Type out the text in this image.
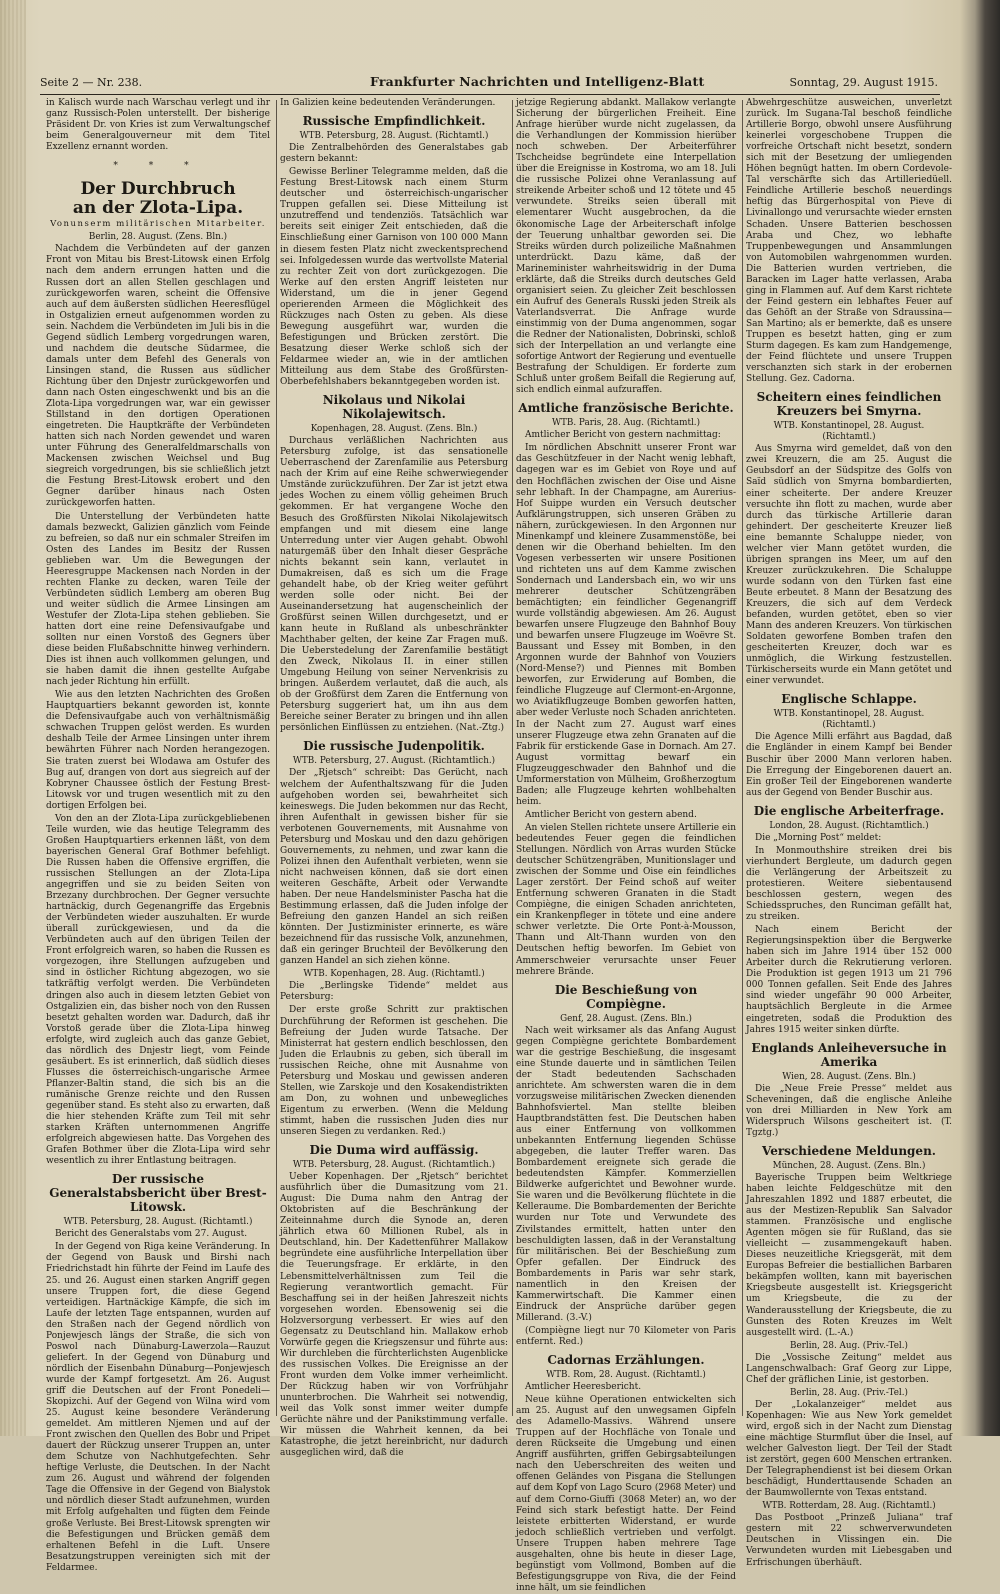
Seite 2 — Nr. 238.	Frankfurter Nachrichten und Intelligenz-Blatt	Sonntag, 29. August 1915.

in Kalisch wurde nach Warschau verlegt und ihr ganz Russisch-Polen unterstellt. Der bisherige Präsident Dr. von Kries ist zum Verwaltungschef beim Generalgouverneur mit dem Titel Exzellenz ernannt worden.

* * *
Der Durchbruch
an der Zlota-Lipa.
Vonunserm militärischen Mitarbeiter.
Berlin, 28. August. (Zens. Bln.)

Nachdem die Verbündeten auf der ganzen Front von Mitau bis Brest-Litowsk einen Erfolg nach dem andern errungen hatten und die Russen dort an allen Stellen geschlagen und zurückgeworfen waren, scheint die Offensive auch auf dem äußersten südlichen Heeresflügel in Ostgalizien erneut aufgenommen worden zu sein. Nachdem die Verbündeten im Juli bis in die Gegend südlich Lemberg vorgedrungen waren, und nachdem die deutsche Südarmee, die damals unter dem Befehl des Generals von Linsingen stand, die Russen aus südlicher Richtung über den Dnjestr zurückgeworfen und dann nach Osten eingeschwenkt und bis an die Zlota-Lipa vorgedrungen war, war ein gewisser Stillstand in den dortigen Operationen eingetreten. Die Hauptkräfte der Verbündeten hatten sich nach Norden gewendet und waren unter Führung des Generalfeldmarschalls von Mackensen zwischen Weichsel und Bug siegreich vorgedrungen, bis sie schließlich jetzt die Festung Brest-Litowsk erobert und den Gegner darüber hinaus nach Osten zurückgeworfen hatten.

Die Unterstellung der Verbündeten hatte damals bezweckt, Galizien gänzlich vom Feinde zu befreien, so daß nur ein schmaler Streifen im Osten des Landes im Besitz der Russen geblieben war. Um die Bewegungen der Heeresgruppe Mackensen nach Norden in der rechten Flanke zu decken, waren Teile der Verbündeten südlich Lemberg am oberen Bug und weiter südlich die Armee Linsingen am Westufer der Zlota-Lipa stehen geblieben. Sie hatten dort eine reine Defensivaufgabe und sollten nur einen Vorstoß des Gegners über diese beiden Flußabschnitte hinweg verhindern. Dies ist ihnen auch vollkommen gelungen, und sie haben damit die ihnen gestellte Aufgabe nach jeder Richtung hin erfüllt.

Wie aus den letzten Nachrichten des Großen Hauptquartiers bekannt geworden ist, konnte die Defensivaufgabe auch von verhältnismäßig schwachen Truppen gelöst werden. Es wurden deshalb Teile der Armee Linsingen unter ihrem bewährten Führer nach Norden herangezogen. Sie traten zuerst bei Wlodawa am Ostufer des Bug auf, drangen von dort aus siegreich auf der Kobryner Chaussee östlich der Festung Brest-Litowsk vor und trugen wesentlich mit zu den dortigen Erfolgen bei.

Von den an der Zlota-Lipa zurückgebliebenen Teile wurden, wie das heutige Telegramm des Großen Hauptquartiers erkennen läßt, von dem bayerischen General Graf Bothmer befehligt. Die Russen haben die Offensive ergriffen, die russischen Stellungen an der Zlota-Lipa angegriffen und sie zu beiden Seiten von Brzezany durchbrochen. Der Gegner versuchte hartnäckig, durch Gegenangriffe das Ergebnis der Verbündeten wieder auszuhalten. Er wurde überall zurückgewiesen, und da die Verbündeten auch auf den übrigen Teilen der Front erfolgreich waren, so haben die Russen es vorgezogen, ihre Stellungen aufzugeben und sind in östlicher Richtung abgezogen, wo sie tatkräftig verfolgt werden. Die Verbündeten dringen also auch in diesem letzten Gebiet von Ostgalizien ein, das bisher noch von den Russen besetzt gehalten worden war. Dadurch, daß ihr Vorstoß gerade über die Zlota-Lipa hinweg erfolgte, wird zugleich auch das ganze Gebiet, das nördlich des Dnjestr liegt, vom Feinde gesäubert. Es ist erinnerlich, daß südlich dieses Flusses die österreichisch-ungarische Armee Pflanzer-Baltin stand, die sich bis an die rumänische Grenze reichte und den Russen gegenüber stand. Es steht also zu erwarten, daß die hier stehenden Kräfte zum Teil mit sehr starken Kräften unternommenen Angriffe erfolgreich abgewiesen hatte. Das Vorgehen des Grafen Bothmer über die Zlota-Lipa wird sehr wesentlich zu ihrer Entlastung beitragen.

Der russische Generalstabsbericht über Brest-Litowsk.
WTB. Petersburg, 28. August. (Richtamtl.)

Bericht des Generalstabs vom 27. August.

In der Gegend von Riga keine Veränderung. In der Gegend von Bausk und Birshi nach Friedrichstadt hin führte der Feind im Laufe des 25. und 26. August einen starken Angriff gegen unsere Truppen fort, die diese Gegend verteidigen. Hartnäckige Kämpfe, die sich im Laufe der letzten Tage entspannen, wurden auf den Straßen nach der Gegend nördlich von Ponjewjesch längs der Straße, die sich von Poswol nach Dünaburg-Lawerzola—Rauzut geliefert. In der Gegend von Dünaburg und nördlich der Eisenbahn Dünaburg—Ponjewjesch wurde der Kampf fortgesetzt. Am 26. August griff die Deutschen auf der Front Ponedeli—Skopizchi. Auf der Gegend von Wilna wird vom 25. August keine besondere Veränderung gemeldet. Am mittleren Njemen und auf der Front zwischen den Quellen des Bobr und Pripet dauert der Rückzug unserer Truppen an, unter dem Schutze von Nachhutgefechten. Sehr heftige Verluste, die Deutschen. In der Nacht zum 26. August und während der folgenden Tage die Offensive in der Gegend von Bialystok und nördlich dieser Stadt aufzunehmen, wurden mit Erfolg aufgehalten und fügten dem Feinde große Verluste. Bei Brest-Litowsk sprengten wir die Befestigungen und Brücken gemäß dem erhaltenen Befehl in die Luft. Unsere Besatzungstruppen vereinigten sich mit der Feldarmee.

In Galizien keine bedeutenden Veränderungen.

Russische Empfindlichkeit.
WTB. Petersburg, 28. August. (Richtamtl.)

Die Zentralbehörden des Generalstabes gab gestern bekannt:

Gewisse Berliner Telegramme melden, daß die Festung Brest-Litowsk nach einem Sturm deutscher und österreichisch-ungarischer Truppen gefallen sei. Diese Mitteilung ist unzutreffend und tendenziös. Tatsächlich war bereits seit einiger Zeit entschieden, daß die Einschließung einer Garnison von 100 000 Mann in diesem festen Platz nicht zweckentsprechend sei. Infolgedessen wurde das wertvollste Material zu rechter Zeit von dort zurückgezogen. Die Werke auf den ersten Angriff leisteten nur Widerstand, um die in jener Gegend operierenden Armeen die Möglichkeit des Rückzuges nach Osten zu geben. Als diese Bewegung ausgeführt war, wurden die Befestigungen und Brücken zerstört. Die Besatzung dieser Werke schloß sich der Feldarmee wieder an, wie in der amtlichen Mitteilung aus dem Stabe des Großfürsten-Oberbefehlshabers bekanntgegeben worden ist.

Nikolaus und Nikolai Nikolajewitsch.
Kopenhagen, 28. August. (Zens. Bln.)

Durchaus verläßlichen Nachrichten aus Petersburg zufolge, ist das sensationelle Ueberraschend der Zarenfamilie aus Petersburg nach der Krim auf eine Reihe schwerwiegender Umstände zurückzuführen. Der Zar ist jetzt etwa jedes Wochen zu einem völlig geheimen Bruch gekommen. Er hat vergangene Woche den Besuch des Großfürsten Nikolai Nikolajewitsch empfangen und mit diesem eine lange Unterredung unter vier Augen gehabt. Obwohl naturgemäß über den Inhalt dieser Gespräche nichts bekannt sein kann, verlautet in Dumakreisen, daß es sich um die Frage gehandelt habe, ob der Krieg weiter geführt werden solle oder nicht. Bei der Auseinandersetzung hat augenscheinlich der Großfürst seinen Willen durchgesetzt, und er kann heute in Rußland als unbeschränkter Machthaber gelten, der keine Zar Fragen muß. Die Ueberstedelung der Zarenfamilie bestätigt den Zweck, Nikolaus II. in einer stillen Umgebung Heilung von seiner Nervenkrisis zu bringen. Außerdem verlautet, daß die auch, als ob der Großfürst dem Zaren die Entfernung von Petersburg suggeriert hat, um ihn aus dem Bereiche seiner Berater zu bringen und ihn allen persönlichen Einflüssen zu entziehen. (Nat.-Ztg.)

Die russische Judenpolitik.
WTB. Petersburg, 27. August. (Richtamtlich.)

Der „Rjetsch“ schreibt: Das Gerücht, nach welchem der Aufenthaltszwang für die Juden aufgehoben worden sei, bewahrheitet sich keineswegs. Die Juden bekommen nur das Recht, ihren Aufenthalt in gewissen bisher für sie verbotenen Gouvernements, mit Ausnahme von Petersburg und Moskau und den dazu gehörigen Gouvernements, zu nehmen, und zwar kann die Polizei ihnen den Aufenthalt verbieten, wenn sie nicht nachweisen können, daß sie dort einen weiteren Geschäfte, Arbeit oder Verwandte haben. Der neue Handelsminister Pascha hat die Bestimmung erlassen, daß die Juden infolge der Befreiung den ganzen Handel an sich reißen könnten. Der Justizminister erinnerte, es wäre bezeichnend für das russische Volk, anzunehmen, daß ein geringer Bruchteil der Bevölkerung den ganzen Handel an sich ziehen könne.

WTB. Kopenhagen, 28. Aug. (Richtamtl.)

Die „Berlingske Tidende“ meldet aus Petersburg:

Der erste große Schritt zur praktischen Durchführung der Reformen ist geschehen. Die Befreiung der Juden wurde Tatsache. Der Ministerrat hat gestern endlich beschlossen, den Juden die Erlaubnis zu geben, sich überall im russischen Reiche, ohne mit Ausnahme von Petersburg und Moskau und gewissen anderen Stellen, wie Zarskoje und den Kosakendistrikten am Don, zu wohnen und unbewegliches Eigentum zu erwerben. (Wenn die Meldung stimmt, haben die russischen Juden dies nur unseren Siegen zu verdanken. Red.)

Die Duma wird auffässig.
WTB. Petersburg, 28. August. (Richtamtlich.)

Ueber Kopenhagen. Der „Rjetsch“ berichtet ausführlich über die Dumasitzung vom 21. August: Die Duma nahm den Antrag der Oktobristen auf die Beschränkung der Zeiteinnahme durch die Synode an, deren jährlich etwa 60 Millionen Rubel, als in Deutschland, hin. Der Kadettenführer Mallakow begründete eine ausführliche Interpellation über die Teuerungsfrage. Er erklärte, in den Lebensmittelverhältnissen zum Teil die Regierung verantwortlich gemacht. Für Beschaffung sei in der heißen Jahreszeit nichts vorgesehen worden. Ebensowenig sei die Holzversorgung verbessert. Er wies auf den Gegensatz zu Deutschland hin. Mallakow erhob Vorwürfe gegen die Kriegszensur und führte aus: Wir durchleben die fürchterlichsten Augenblicke des russischen Volkes. Die Ereignisse an der Front wurden dem Volke immer verheimlicht. Der Rückzug haben wir von Vorfrühjahr ununterbrochen. Die Wahrheit sei notwendig, weil das Volk sonst immer weiter dumpfe Gerüchte nähre und der Panikstimmung verfalle. Wir müssen die Wahrheit kennen, da bei Katastrophe, die jetzt hereinbricht, nur dadurch ausgeglichen wird, daß die

jetzige Regierung abdankt. Mallakow verlangte Sicherung der bürgerlichen Freiheit. Eine Anfrage hierüber wurde nicht zugelassen, da die Verhandlungen der Kommission hierüber noch schweben. Der Arbeiterführer Tschcheidse begründete eine Interpellation über die Ereignisse in Kostroma, wo am 18. Juli die russische Polizei ohne Veranlassung auf streikende Arbeiter schoß und 12 tötete und 45 verwundete. Streiks seien überall mit elementarer Wucht ausgebrochen, da die ökonomische Lage der Arbeiterschaft infolge der Teuerung unhaltbar geworden sei. Die Streiks würden durch polizeiliche Maßnahmen unterdrückt. Dazu käme, daß der Marineminister wahrheitswidrig in der Duma erklärte, daß die Streiks durch deutsches Geld organisiert seien. Zu gleicher Zeit beschlossen ein Aufruf des Generals Russki jeden Streik als Vaterlandsverrat. Die Anfrage wurde einstimmig von der Duma angenommen, sogar die Redner der Nationalisten, Dobrinski, schloß sich der Interpellation an und verlangte eine sofortige Antwort der Regierung und eventuelle Bestrafung der Schuldigen. Er forderte zum Schluß unter großem Beifall die Regierung auf, sich endlich einmal aufzuraffen.

Amtliche französische Berichte.
WTB. Paris, 28. Aug. (Richtamtl.)

Amtlicher Bericht von gestern nachmittag:

Im nördlichen Abschnitt unserer Front war das Geschützfeuer in der Nacht wenig lebhaft, dagegen war es im Gebiet von Roye und auf den Hochflächen zwischen der Oise und Aisne sehr lebhaft. In der Champagne, am Aurerius-Hof Suippe wurden ein Versuch deutscher Aufklärungstruppen, sich unseren Gräben zu nähern, zurückgewiesen. In den Argonnen nur Minenkampf und kleinere Zusammenstöße, bei denen wir die Oberhand behielten. Im den Vogesen verbesserten wir unsere Positionen und richteten uns auf dem Kamme zwischen Sondernach und Landersbach ein, wo wir uns mehrerer deutscher Schützengräben bemächtigten; ein feindlicher Gegenangriff wurde vollständig abgewiesen. Am 26. August bewarfen unsere Flugzeuge den Bahnhof Bouy und bewarfen unsere Flugzeuge im Woëvre St. Baussant und Essey mit Bomben, in den Argonnen wurde der Bahnhof von Vouziers (Nord-Mense?) und Piennes mit Bomben beworfen, zur Erwiderung auf Bomben, die feindliche Flugzeuge auf Clermont-en-Argonne, wo Aviatikflugzeuge Bomben geworfen hatten, aber weder Verluste noch Schaden anrichteten. In der Nacht zum 27. August warf eines unserer Flugzeuge etwa zehn Granaten auf die Fabrik für erstickende Gase in Dornach. Am 27. August vormittag bewarf ein Flugzeuggeschwader den Bahnhof und die Umformerstation von Mülheim, Großherzogtum Baden; alle Flugzeuge kehrten wohlbehalten heim.

Amtlicher Bericht von gestern abend.

An vielen Stellen richtete unsere Artillerie ein bedeutendes Feuer gegen die feindlichen Stellungen. Nördlich von Arras wurden Stücke deutscher Schützengräben, Munitionslager und zwischen der Somme und Oise ein feindliches Lager zerstört. Der Feind schoß auf weiter Entfernung schweren Granaten in die Stadt Compiègne, die einigen Schaden anrichteten, ein Krankenpfleger in tötete und eine andere schwer verletzte. Die Orte Pont-à-Mousson, Thann und Alt-Thann wurden von den Deutschen heftig beworfen. Im Gebiet von Ammerschweier verursachte unser Feuer mehrere Brände.

Die Beschießung von Compiègne.
Genf, 28. August. (Zens. Bln.)

Nach weit wirksamer als das Anfang August gegen Compiègne gerichtete Bombardement war die gestrige Beschießung, die insgesamt eine Stunde dauerte und in sämtlichen Teilen der Stadt bedeutenden Sachschaden anrichtete. Am schwersten waren die in dem vorzugsweise militärischen Zwecken dienenden Bahnhofsviertel. Man stellte bleiben Hauptbrandstätten fest. Die Deutschen haben aus einer Entfernung von vollkommen unbekannten Entfernung liegenden Schüsse abgegeben, die lauter Treffer waren. Das Bombardement ereignete sich gerade die bedeutendsten Kämpfer. Kommerziellen Bildwerke aufgerichtet und Bewohner wurde. Sie waren und die Bevölkerung flüchtete in die Kelleraume. Die Bombardementen der Berichte wurden nur Tote und Verwundete des Zivilstandes ermittelt, hatten unter den beschuldigten lassen, daß in der Veranstaltung für militärischen. Bei der Beschießung zum Opfer gefallen. Der Eindruck des Bombardements in Paris war sehr stark, namentlich in den Kreisen der Kammerwirtschaft. Die Kammer einen Eindruck der Ansprüche darüber gegen Millerand. (3.-V.)

(Compiègne liegt nur 70 Kilometer von Paris entfernt. Red.)

Cadornas Erzählungen.
WTB. Rom, 28. August. (Richtamtl.)

Amtlicher Heeresbericht.

Neue kühne Operationen entwickelten sich am 25. August auf den unwegsamen Gipfeln des Adamello-Massivs. Während unsere Truppen auf der Hochfläche von Tonale und deren Rückseite die Umgebung und einen Angriff ausführten, griffen Gebirgsabteilungen nach den Ueberschreiten des weiten und offenen Geländes von Pisgana die Stellungen auf dem Kopf von Lago Scuro (2968 Meter) und auf dem Corno-Giuffi (3068 Meter) an, wo der Feind sich stark befestigt hatte. Der Feind leistete erbitterten Widerstand, er wurde jedoch schließlich vertrieben und verfolgt. Unsere Truppen haben mehrere Tage ausgehalten, ohne bis heute in dieser Lage, begünstigt vom Vollmond, Bomben auf die Befestigungsgruppe von Riva, die der Feind inne hält, um sie feindlichen

Abwehrgeschütze ausweichen, unverletzt zurück. Im Sugana-Tal beschoß feindliche Artillerie Borgo, obwohl unsere Ausführung keinerlei vorgeschobene Truppen die vorfreiche Ortschaft nicht besetzt, sondern sich mit der Besetzung der umliegenden Höhen begnügt hatten. Im obern Cordevole-Tal verschärfte sich das Artilleriedüell. Feindliche Artillerie beschoß neuerdings heftig das Bürgerhospital von Pieve di Livinallongo und verursachte wieder ernsten Schaden. Unsere Batterien beschossen Araba und Chez, wo lebhafte Truppenbewegungen und Ansammlungen von Automobilen wahrgenommen wurden. Die Batterien wurden vertrieben, die Baracken im Lager hatte verlassen, Araba ging in Flammen auf. Auf dem Karst richtete der Feind gestern ein lebhaftes Feuer auf das Gehöft an der Straße von Sdraussina—San Martino; als er bemerkte, daß es unsere Truppen es besetzt hatten, ging er zum Sturm dagegen. Es kam zum Handgemenge, der Feind flüchtete und unsere Truppen verschanzten sich stark in der erobernen Stellung. Gez. Cadorna.

Scheitern eines feindlichen Kreuzers bei Smyrna.
WTB. Konstantinopel, 28. August. (Richtamtl.)

Aus Smyrna wird gemeldet, daß von den zwei Kreuzern, die am 25. August die Geubsdorf an der Südspitze des Golfs von Saïd südlich von Smyrna bombardierten, einer scheiterte. Der andere Kreuzer versuchte ihn flott zu machen, wurde aber durch das türkische Artillerie daran gehindert. Der gescheiterte Kreuzer ließ eine bemannte Schaluppe nieder, von welcher vier Mann getötet wurden, die übrigen sprangen ins Meer, um auf den Kreuzer zurückzukehren. Die Schaluppe wurde sodann von den Türken fast eine Beute erbeutet. 8 Mann der Besatzung des Kreuzers, die sich auf dem Verdeck befanden, wurden getötet, eben so vier Mann des anderen Kreuzers. Von türkischen Soldaten geworfene Bomben trafen den gescheiterten Kreuzer, doch war es unmöglich, die Wirkung festzustellen. Türkischerseits wurde ein Mann getötet und einer verwundet.

Englische Schlappe.
WTB. Konstantinopel, 28. August. (Richtamtl.)

Die Agence Milli erfährt aus Bagdad, daß die Engländer in einem Kampf bei Bender Buschir über 2000 Mann verloren haben. Die Erregung der Eingeborenen dauert an. Ein großer Teil der Eingeborenen wanderte aus der Gegend von Bender Buschir aus.

Die englische Arbeiterfrage.
London, 28. August. (Richtamtlich.)

Die „Morning Post“ meldet:

In Monmouthshire streiken drei bis vierhundert Bergleute, um dadurch gegen die Verlängerung der Arbeitszeit zu protestieren. Weitere siebentausend beschlossen gestern, wegen des Schiedsspruches, den Runciman gefällt hat, zu streiken.

Nach einem Bericht der Regierungsinspektion über die Bergwerke haben sich im Jahre 1914 über 152 000 Arbeiter durch die Rekrutierung verloren. Die Produktion ist gegen 1913 um 21 796 000 Tonnen gefallen. Seit Ende des Jahres sind wieder ungefähr 90 000 Arbeiter, hauptsächlich Bergleute in die Armee eingetreten, sodaß die Produktion des Jahres 1915 weiter sinken dürfte.

Englands Anleiheversuche in Amerika
Wien, 28. August. (Zens. Bln.)

Die „Neue Freie Presse“ meldet aus Scheveningen, daß die englische Anleihe von drei Milliarden in New York am Widerspruch Wilsons gescheitert ist. (T. Tgztg.)

Verschiedene Meldungen.
München, 28. August. (Zens. Bln.)

Bayerische Truppen beim Weltkriege haben leichte Feldgeschütze mit den Jahreszahlen 1892 und 1887 erbeutet, die aus der Mestizen-Republik San Salvador stammen. Französische und englische Agenten mögen sie für Rußland, das sie vielleicht — zusammengekauft haben. Dieses neuzeitliche Kriegsgerät, mit dem Europas Befreier die bestiallichen Barbaren bekämpfen wollten, kann mit bayerischen Kriegsbeute ausgestellt ist. Kriegsgericht um Kriegsbeute, die zu der Wanderausstellung der Kriegsbeute, die zu Gunsten des Roten Kreuzes im Welt ausgestellt wird. (L.-A.)

Berlin, 28. Aug. (Priv.-Tel.)

Die „Vossische Zeitung“ meldet aus Langenschwalbach: Graf Georg zur Lippe, Chef der gräflichen Linie, ist gestorben.

Berlin, 28. Aug. (Priv.-Tel.)

Der „Lokalanzeiger“ meldet aus Kopenhagen: Wie aus New York gemeldet wird, ergoß sich in der Nacht zum Dienstag eine mächtige Sturmflut über die Insel, auf welcher Galveston liegt. Der Teil der Stadt ist zerstört, gegen 600 Menschen ertranken. Der Telegraphendienst ist bei diesem Orkan beschädigt, Hunderttausende Schaden an der Baumwollernte von Texas entstand.

WTB. Rotterdam, 28. Aug. (Richtamtl.)

Das Postboot „Prinzeß Juliana“ traf gestern mit 22 schwerverwundeten Deutschen in Vlissingen ein. Die Verwundeten wurden mit Liebesgaben und Erfrischungen überhäuft.
